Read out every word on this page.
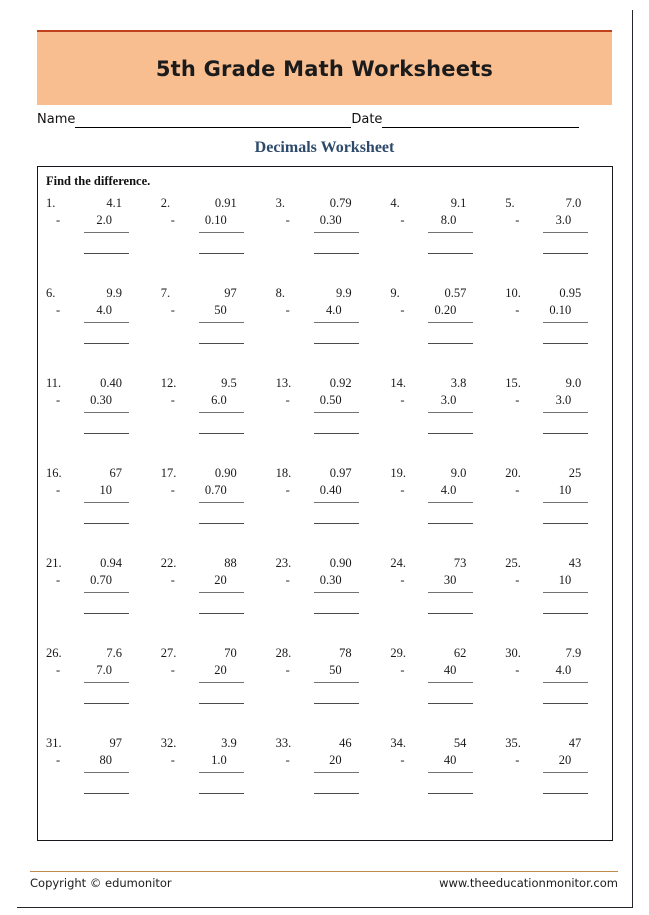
5th Grade Math Worksheets
Name	Date
Decimals Worksheet
Find the difference.
1.	4.1
-	2.0
2.	0.91
-	0.10
3.	0.79
-	0.30
4.	9.1
-	8.0
5.	7.0
-	3.0
6.	9.9
-	4.0
7.	97
-	50
8.	9.9
-	4.0
9.	0.57
-	0.20
10.	0.95
-	0.10
11.	0.40
-	0.30
12.	9.5
-	6.0
13.	0.92
-	0.50
14.	3.8
-	3.0
15.	9.0
-	3.0
16.	67
-	10
17.	0.90
-	0.70
18.	0.97
-	0.40
19.	9.0
-	4.0
20.	25
-	10
21.	0.94
-	0.70
22.	88
-	20
23.	0.90
-	0.30
24.	73
-	30
25.	43
-	10
26.	7.6
-	7.0
27.	70
-	20
28.	78
-	50
29.	62
-	40
30.	7.9
-	4.0
31.	97
-	80
32.	3.9
-	1.0
33.	46
-	20
34.	54
-	40
35.	47
-	20
Copyright © edumonitor	www.theeducationmonitor.com
